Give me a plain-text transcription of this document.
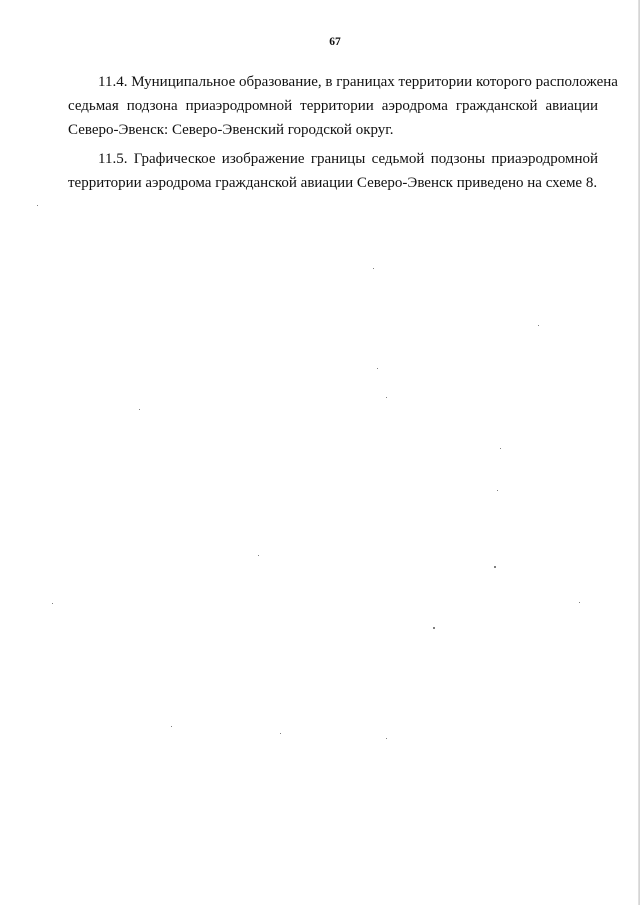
67
11.4. Муниципальное образование, в границах территории которого расположена
седьмая подзона приаэродромной территории аэродрома гражданской авиации
Северо-Эвенск: Северо-Эвенский городской округ.
11.5. Графическое изображение границы седьмой подзоны приаэродромной
территории аэродрома гражданской авиации Северо-Эвенск приведено на схеме 8.
